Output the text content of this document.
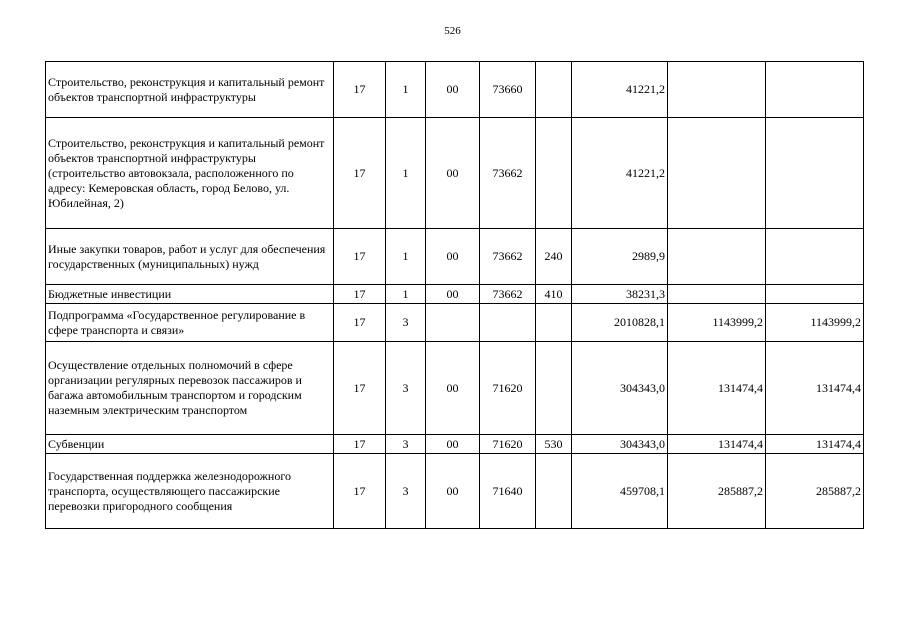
526
Строительство, реконструкция и капитальный ремонт объектов транспортной инфраструктуры	17	1	00	73660		41221,2		
Строительство, реконструкция и капитальный ремонт объектов транспортной инфраструктуры (строительство автовокзала, расположенного по адресу: Кемеровская область, город Белово, ул. Юбилейная, 2)	17	1	00	73662		41221,2		
Иные закупки товаров, работ и услуг для обеспечения государственных (муниципальных) нужд	17	1	00	73662	240	2989,9		
Бюджетные инвестиции	17	1	00	73662	410	38231,3		
Подпрограмма «Государственное регулирование в сфере транспорта и связи»	17	3				2010828,1	1143999,2	1143999,2
Осуществление отдельных полномочий в сфере организации регулярных перевозок пассажиров и багажа автомобильным транспортом и городским наземным электрическим транспортом	17	3	00	71620		304343,0	131474,4	131474,4
Субвенции	17	3	00	71620	530	304343,0	131474,4	131474,4
Государственная поддержка железнодорожного транспорта, осуществляющего пассажирские перевозки пригородного сообщения	17	3	00	71640		459708,1	285887,2	285887,2
